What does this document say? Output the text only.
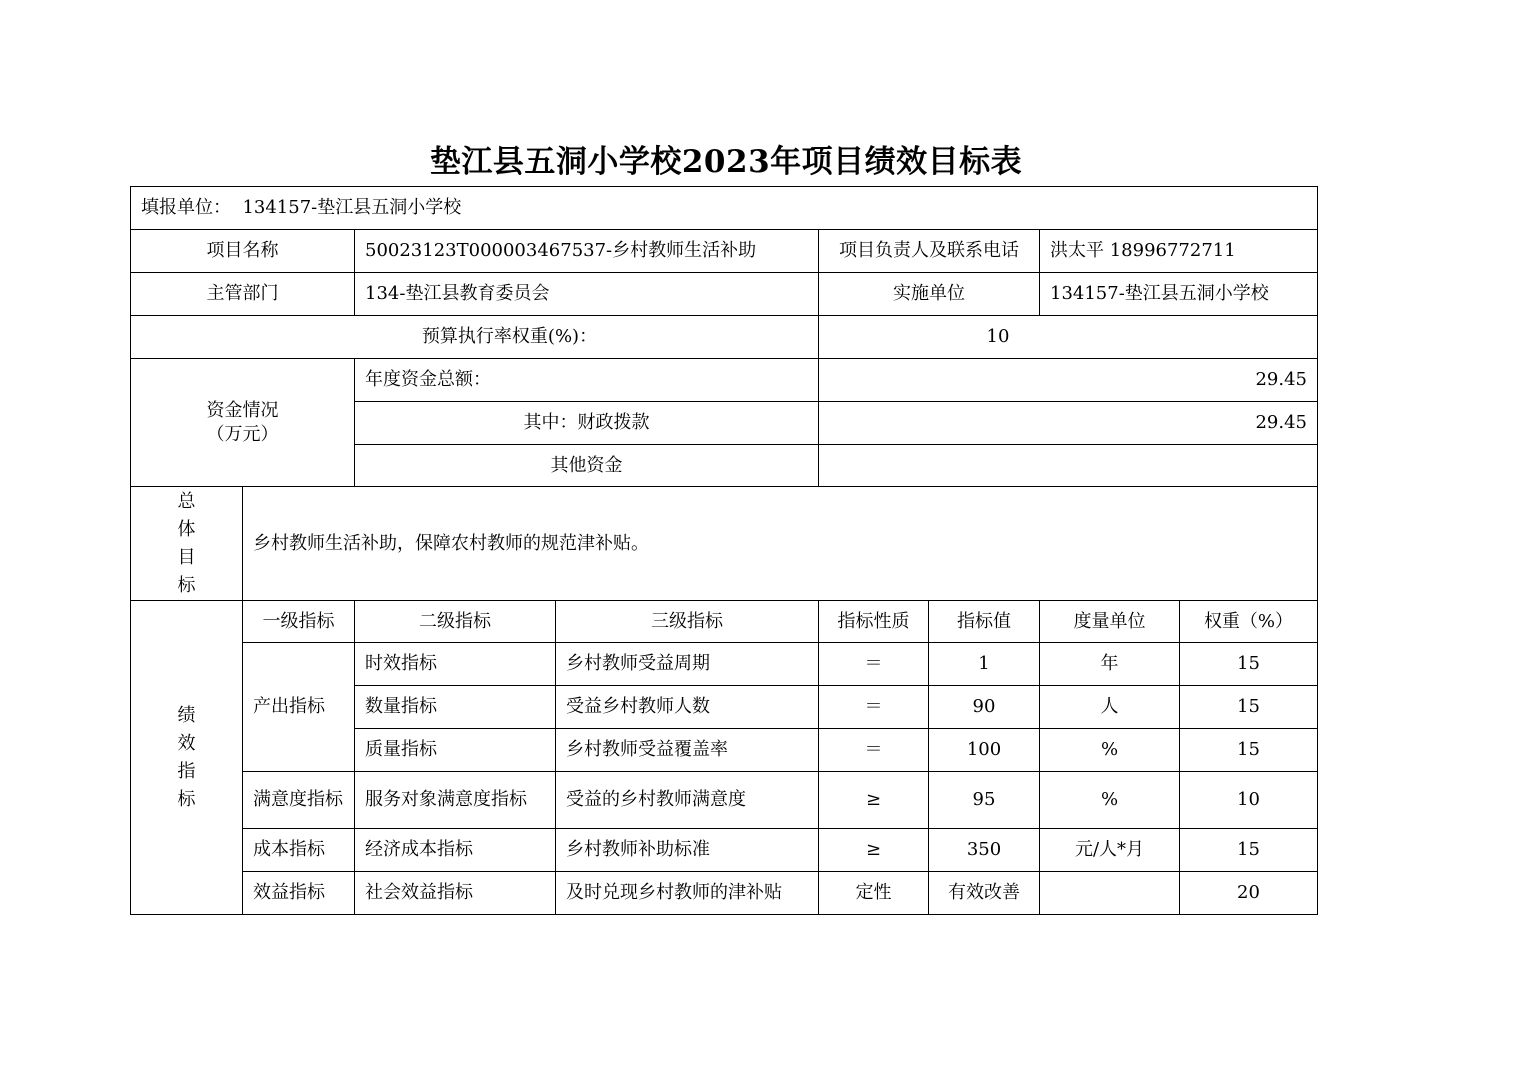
垫江县五洞小学校2023年项目绩效目标表
填报单位： 134157-垫江县五洞小学校							
项目名称		50023123T000003467537-乡村教师生活补助		项目负责人及联系电话		洪太平 18996772711	
主管部门		134-垫江县教育委员会		实施单位		134157-垫江县五洞小学校	
预算执行率权重(%)：				10			

资金情况
（万元）		年度资金总额：		29.45			
		其中：财政拨款		29.45			
		其他资金					

总
体
目
标	乡村教师生活补助，保障农村教师的规范津补贴。						

绩
效
指
标	一级指标	二级指标	三级指标	指标性质	指标值	度量单位	权重（%）
	产出指标	时效指标	乡村教师受益周期	＝	1	年	15
		数量指标	受益乡村教师人数	＝	90	人	15
		质量指标	乡村教师受益覆盖率	＝	100	%	15
	满意度指标	服务对象满意度指标	受益的乡村教师满意度	≥	95	%	10
	成本指标	经济成本指标	乡村教师补助标准	≥	350	元/人*月	15
	效益指标	社会效益指标	及时兑现乡村教师的津补贴	定性	有效改善		20
